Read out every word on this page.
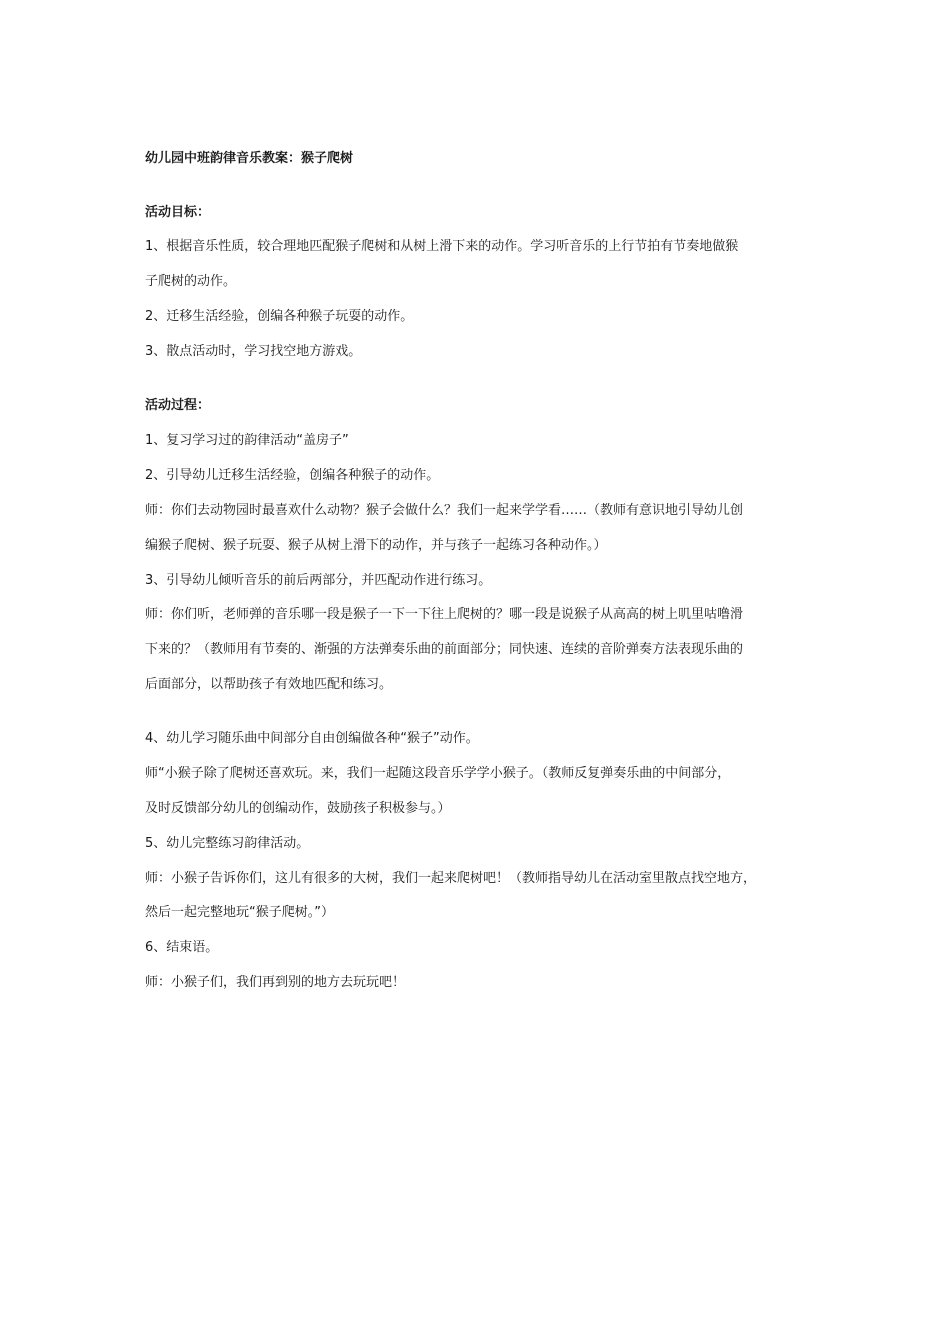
幼儿园中班韵律音乐教案：猴子爬树
活动目标：
1、根据音乐性质，较合理地匹配猴子爬树和从树上滑下来的动作。学习听音乐的上行节拍有节奏地做猴
子爬树的动作。
2、迁移生活经验，创编各种猴子玩耍的动作。
3、散点活动时，学习找空地方游戏。
活动过程：
1、复习学习过的韵律活动“盖房子”
2、引导幼儿迁移生活经验，创编各种猴子的动作。
师：你们去动物园时最喜欢什么动物？猴子会做什么？我们一起来学学看……（教师有意识地引导幼儿创
编猴子爬树、猴子玩耍、猴子从树上滑下的动作，并与孩子一起练习各种动作。）
3、引导幼儿倾听音乐的前后两部分，并匹配动作进行练习。
师：你们听，老师弹的音乐哪一段是猴子一下一下往上爬树的？哪一段是说猴子从高高的树上叽里咕噜滑
下来的？（教师用有节奏的、渐强的方法弹奏乐曲的前面部分；同快速、连续的音阶弹奏方法表现乐曲的
后面部分，以帮助孩子有效地匹配和练习。
4、幼儿学习随乐曲中间部分自由创编做各种“猴子”动作。
师“小猴子除了爬树还喜欢玩。来，我们一起随这段音乐学学小猴子。（教师反复弹奏乐曲的中间部分，
及时反馈部分幼儿的创编动作，鼓励孩子积极参与。）
5、幼儿完整练习韵律活动。
师：小猴子告诉你们，这儿有很多的大树，我们一起来爬树吧！（教师指导幼儿在活动室里散点找空地方，
然后一起完整地玩“猴子爬树。”）
6、结束语。
师：小猴子们，我们再到别的地方去玩玩吧！
